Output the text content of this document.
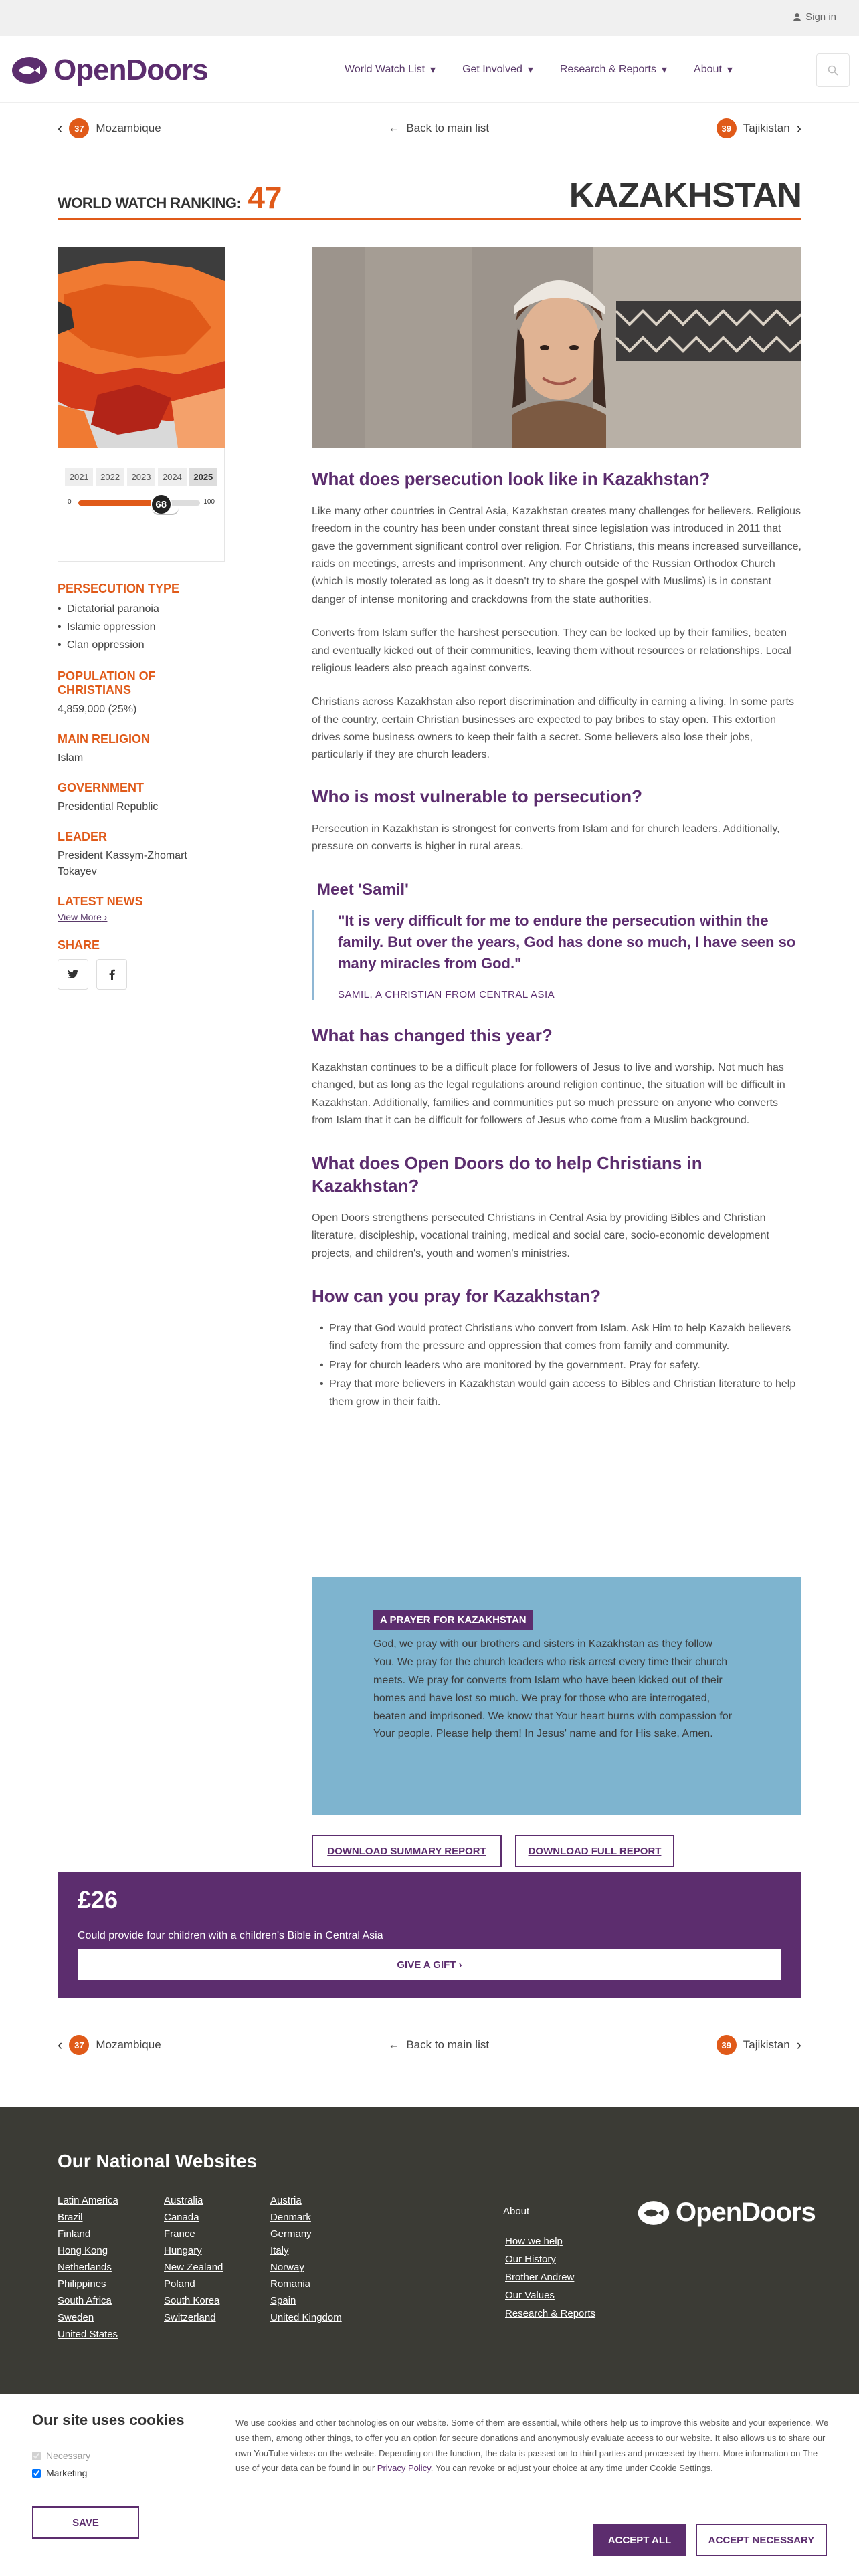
Sign in
OpenDoors	World Watch List ▾	Get Involved ▾	Research & Reports ▾	About ▾
‹	37	Mozambique	← Back to main list	39	Tajikistan ›
WORLD WATCH RANKING: 47	KAZAKHSTAN
2021	2022	2023	2024	2025
0	68	100
PERSECUTION TYPE
• Dictatorial paranoia
• Islamic oppression
• Clan oppression
POPULATION OF CHRISTIANS
4,859,000 (25%)
MAIN RELIGION
Islam
GOVERNMENT
Presidential Republic
LEADER
President Kassym-Zhomart Tokayev
LATEST NEWS
View More ›
SHARE
What does persecution look like in Kazakhstan?

Like many other countries in Central Asia, Kazakhstan creates many challenges for believers. Religious freedom in the country has been under constant threat since legislation was introduced in 2011 that gave the government significant control over religion. For Christians, this means increased surveillance, raids on meetings, arrests and imprisonment. Any church outside of the Russian Orthodox Church (which is mostly tolerated as long as it doesn't try to share the gospel with Muslims) is in constant danger of intense monitoring and crackdowns from the state authorities.

Converts from Islam suffer the harshest persecution. They can be locked up by their families, beaten and eventually kicked out of their communities, leaving them without resources or relationships. Local religious leaders also preach against converts.

Christians across Kazakhstan also report discrimination and difficulty in earning a living. In some parts of the country, certain Christian businesses are expected to pay bribes to stay open. This extortion drives some business owners to keep their faith a secret. Some believers also lose their jobs, particularly if they are church leaders.

Who is most vulnerable to persecution?

Persecution in Kazakhstan is strongest for converts from Islam and for church leaders. Additionally, pressure on converts is higher in rural areas.

Meet 'Samil'
"It is very difficult for me to endure the persecution within the family. But over the years, God has done so much, I have seen so many miracles from God."
SAMIL, A CHRISTIAN FROM CENTRAL ASIA
What has changed this year?

Kazakhstan continues to be a difficult place for followers of Jesus to live and worship. Not much has changed, but as long as the legal regulations around religion continue, the situation will be difficult in Kazakhstan. Additionally, families and communities put so much pressure on anyone who converts from Islam that it can be difficult for followers of Jesus who come from a Muslim background.

What does Open Doors do to help Christians in Kazakhstan?

Open Doors strengthens persecuted Christians in Central Asia by providing Bibles and Christian literature, discipleship, vocational training, medical and social care, socio-economic development projects, and children's, youth and women's ministries.

How can you pray for Kazakhstan?
• Pray that God would protect Christians who convert from Islam. Ask Him to help Kazakh believers find safety from the pressure and oppression that comes from family and community.
• Pray for church leaders who are monitored by the government. Pray for safety.
• Pray that more believers in Kazakhstan would gain access to Bibles and Christian literature to help them grow in their faith.
A PRAYER FOR KAZAKHSTAN

God, we pray with our brothers and sisters in Kazakhstan as they follow You. We pray for the church leaders who risk arrest every time their church meets. We pray for converts from Islam who have been kicked out of their homes and have lost so much. We pray for those who are interrogated, beaten and imprisoned. We know that Your heart burns with compassion for Your people. Please help them! In Jesus' name and for His sake, Amen.

DOWNLOAD SUMMARY REPORT	DOWNLOAD FULL REPORT
£26
Could provide four children with a children's Bible in Central Asia
GIVE A GIFT
›
‹	37	Mozambique	← Back to main list	39	Tajikistan ›
Our National Websites
Latin America
Brazil
Finland
Hong Kong
Netherlands
Philippines
South Africa
Sweden
United States
Australia
Canada
France
Hungary
New Zealand
Poland
South Korea
Switzerland
Austria
Denmark
Germany
Italy
Norway
Romania
Spain
United Kingdom
About
How we help
Our History
Brother Andrew
Our Values
Research & Reports
OpenDoors
Our site uses cookies
Necessary
Marketing
SAVE

We use cookies and other technologies on our website. Some of them are essential, while others help us to improve this website and your experience. We use them, among other things, to offer you an option for secure donations and anonymously evaluate access to our website. It also allows us to share our own YouTube videos on the website. Depending on the function, the data is passed on to third parties and processed by them. More information on The use of your data can be found in our Privacy Policy. You can revoke or adjust your choice at any time under Cookie Settings.

ACCEPT ALL	ACCEPT NECESSARY
